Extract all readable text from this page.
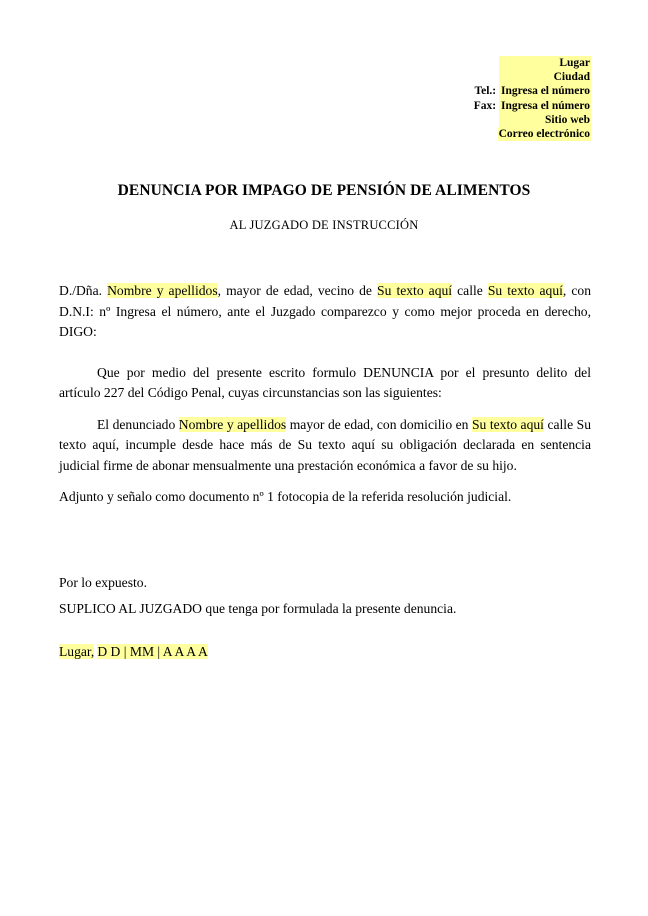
Lugar
Ciudad
Tel.: Ingresa el número
Fax: Ingresa el número
Sitio web
Correo electrónico
DENUNCIA POR IMPAGO DE PENSIÓN DE ALIMENTOS
AL JUZGADO DE INSTRUCCIÓN

D./Dña. Nombre y apellidos, mayor de edad, vecino de Su texto aquí calle Su texto aquí, con D.N.I: nº Ingresa el número, ante el Juzgado comparezco y como mejor proceda en derecho, DIGO:

Que por medio del presente escrito formulo DENUNCIA por el presunto delito del artículo 227 del Código Penal, cuyas circunstancias son las siguientes:

El denunciado Nombre y apellidos mayor de edad, con domicilio en Su texto aquí calle Su texto aquí, incumple desde hace más de Su texto aquí su obligación declarada en sentencia judicial firme de abonar mensualmente una prestación económica a favor de su hijo.

Adjunto y señalo como documento nº 1 fotocopia de la referida resolución judicial.

Por lo expuesto.

SUPLICO AL JUZGADO que tenga por formulada la presente denuncia.

Lugar, D D | MM | A A A A
